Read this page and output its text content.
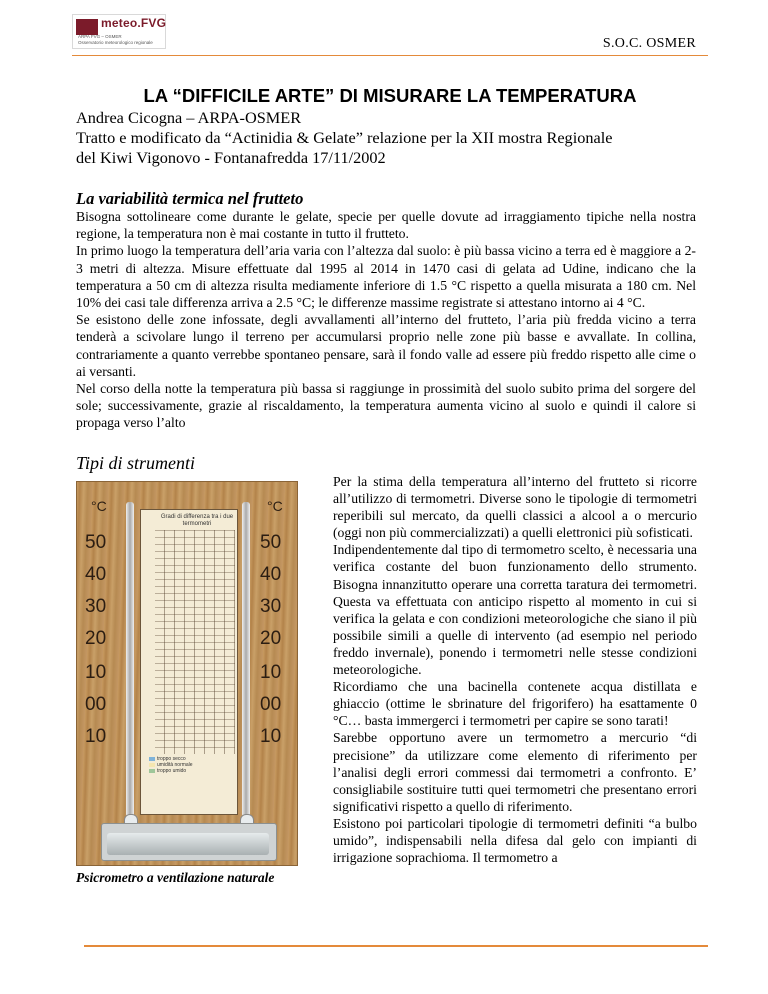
meteo.FVG
ARPA FVG – OSMER
Osservatorio meteorologico regionale	S.O.C. OSMER
LA “DIFFICILE ARTE” DI MISURARE LA TEMPERATURA
Andrea Cicogna – ARPA-OSMER
Tratto e modificato da “Actinidia & Gelate” relazione per la XII mostra Regionale
del Kiwi Vigonovo - Fontanafredda 17/11/2002
La variabilità termica nel frutteto

Bisogna sottolineare come durante le gelate, specie per quelle dovute ad irraggiamento tipiche nella nostra regione, la temperatura non è mai costante in tutto il frutteto.

In primo luogo la temperatura dell’aria varia con l’altezza dal suolo: è più bassa vicino a terra ed è maggiore a 2-3 metri di altezza. Misure effettuate dal 1995 al 2014 in 1470 casi di gelata ad Udine, indicano che la temperatura a 50 cm di altezza risulta mediamente inferiore di 1.5 °C rispetto a quella misurata a 180 cm. Nel 10% dei casi tale differenza arriva a 2.5 °C; le differenze massime registrate si attestano intorno ai 4 °C.

Se esistono delle zone infossate, degli avvallamenti all’interno del frutteto, l’aria più fredda vicino a terra tenderà a scivolare lungo il terreno per accumularsi proprio nelle zone più basse e avvallate. In collina, contrariamente a quanto verrebbe spontaneo pensare, sarà il fondo valle ad essere più freddo rispetto alle cime o ai versanti.

Nel corso della notte la temperatura più bassa si raggiunge in prossimità del suolo subito prima del sorgere del sole; successivamente, grazie al riscaldamento, la temperatura aumenta vicino al suolo e quindi il calore si propaga verso l’alto

Tipi di strumenti
°C	°C
50
40
30
20
10
00
10
50
40
30
20
10
00
10
Gradi di differenza tra i due termometri
troppo secco
umidità normale
troppo umido
Psicrometro a ventilazione naturale

Per la stima della temperatura all’interno del frutteto si ricorre all’utilizzo di termometri. Diverse sono le tipologie di termometri reperibili sul mercato, da quelli classici a alcool a o mercurio (oggi non più commercializzati) a quelli elettronici più sofisticati.

Indipendentemente dal tipo di termometro scelto, è necessaria una verifica costante del buon funzionamento dello strumento. Bisogna innanzitutto operare una corretta taratura dei termometri. Questa va effettuata con anticipo rispetto al momento in cui si verifica la gelata e con condizioni meteorologiche che siano il più possibile simili a quelle di intervento (ad esempio nel periodo freddo invernale), ponendo i termometri nelle stesse condizioni meteorologiche.

Ricordiamo che una bacinella contenete acqua distillata e ghiaccio (ottime le sbrinature del frigorifero) ha esattamente 0 °C… basta immergerci i termometri per capire se sono tarati!

Sarebbe opportuno avere un termometro a mercurio “di precisione” da utilizzare come elemento di riferimento per l’analisi degli errori commessi dai termometri a confronto. E’ consigliabile sostituire tutti quei termometri che presentano errori significativi rispetto a quello di riferimento.

Esistono poi particolari tipologie di termometri definiti “a bulbo umido”, indispensabili nella difesa dal gelo con impianti di irrigazione soprachioma. Il termometro a
